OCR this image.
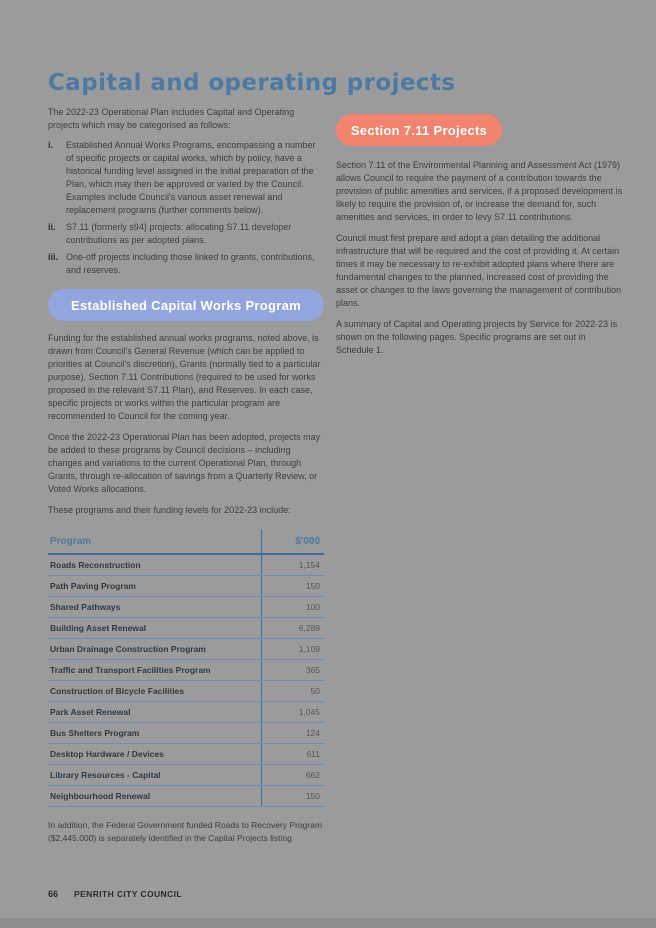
Capital and operating projects

The 2022-23 Operational Plan includes Capital and Operating projects which may be categorised as follows:

i.	Established Annual Works Programs, encompassing a number of specific projects or capital works, which by policy, have a historical funding level assigned in the initial preparation of the Plan, which may then be approved or varied by the Council. Examples include Council's various asset renewal and replacement programs (further comments below).
ii.	S7.11 (formerly s94) projects: allocating S7.11 developer contributions as per adopted plans.
iii. One-off projects including those linked to grants, contributions, and reserves.
Established Capital Works Program

Funding for the established annual works programs, noted above, is drawn from Council's General Revenue (which can be applied to priorities at Council's discretion), Grants (normally tied to a particular purpose), Section 7.11 Contributions (required to be used for works proposed in the relevant S7.11 Plan), and Reserves. In each case, specific projects or works within the particular program are recommended to Council for the coming year.

Once the 2022-23 Operational Plan has been adopted, projects may be added to these programs by Council decisions – including changes and variations to the current Operational Plan, through Grants, through re-allocation of savings from a Quarterly Review, or Voted Works allocations.

These programs and their funding levels for 2022-23 include:

Program	$'000
Roads Reconstruction	1,154
Path Paving Program	150
Shared Pathways	100
Building Asset Renewal	6,289
Urban Drainage Construction Program	1,109
Traffic and Transport Facilities Program	365
Construction of Bicycle Facilities	50
Park Asset Renewal	1,045
Bus Shelters Program	124
Desktop Hardware / Devices	611
Library Resources - Capital	662
Neighbourhood Renewal	150

In addition, the Federal Government funded Roads to Recovery Program ($2,445,000) is separately identified in the Capital Projects listing

Section 7.11 Projects

Section 7.11 of the Environmental Planning and Assessment Act (1979) allows Council to require the payment of a contribution towards the provision of public amenities and services, if a proposed development is likely to require the provision of, or increase the demand for, such amenities and services, in order to levy S7.11 contributions.

Council must first prepare and adopt a plan detailing the additional infrastructure that will be required and the cost of providing it. At certain times it may be necessary to re-exhibit adopted plans where there are fundamental changes to the planned, increased cost of providing the asset or changes to the laws governing the management of contribution plans.

A summary of Capital and Operating projects by Service for 2022-23 is shown on the following pages. Specific programs are set out in Schedule 1.

66 PENRITH CITY COUNCIL
